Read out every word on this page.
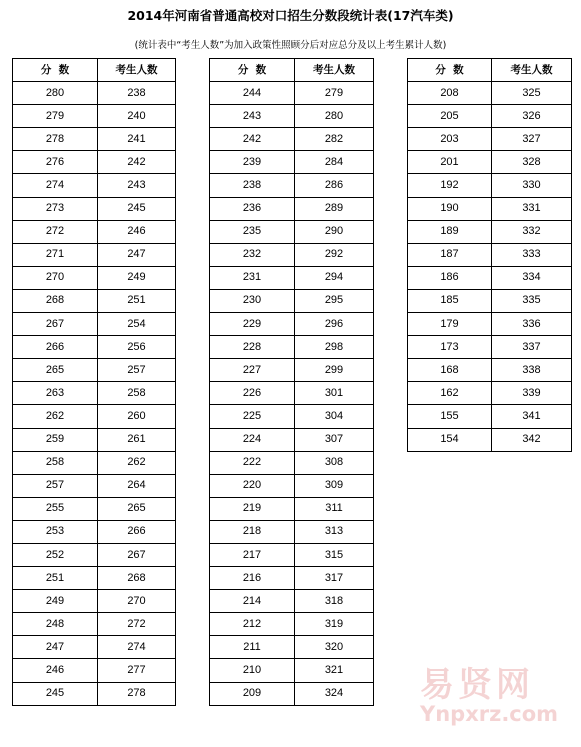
2014年河南省普通高校对口招生分数段统计表(17汽车类)
(统计表中“考生人数”为加入政策性照顾分后对应总分及以上考生累计人数)
分  数	考生人数
280	238
279	240
278	241
276	242
274	243
273	245
272	246
271	247
270	249
268	251
267	254
266	256
265	257
263	258
262	260
259	261
258	262
257	264
255	265
253	266
252	267
251	268
249	270
248	272
247	274
246	277
245	278
分  数	考生人数
244	279
243	280
242	282
239	284
238	286
236	289
235	290
232	292
231	294
230	295
229	296
228	298
227	299
226	301
225	304
224	307
222	308
220	309
219	311
218	313
217	315
216	317
214	318
212	319
211	320
210	321
209	324
分  数	考生人数
208	325
205	326
203	327
201	328
192	330
190	331
189	332
187	333
186	334
185	335
179	336
173	337
168	338
162	339
155	341
154	342
易贤网
Ynpxrz.com
